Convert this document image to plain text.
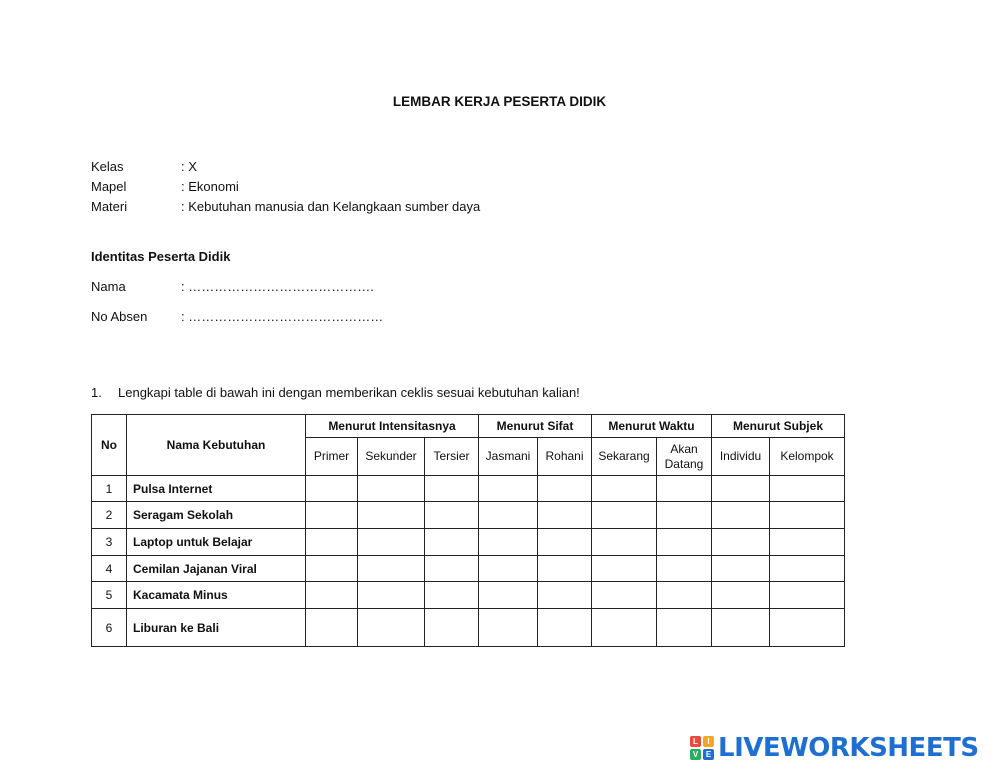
LEMBAR KERJA PESERTA DIDIK
Kelas	: X
Mapel	: Ekonomi
Materi	: Kebutuhan manusia dan Kelangkaan sumber daya
Identitas Peserta Didik
Nama	: …………………………………….
No Absen	: ………………………………………
1. Lengkapi table di bawah ini dengan memberikan ceklis sesuai kebutuhan kalian!
No	Nama Kebutuhan	Menurut Intensitasnya			Menurut Sifat		Menurut Waktu		Menurut Subjek	
		Primer	Sekunder	Tersier	Jasmani	Rohani	Sekarang	Akan Datang	Individu	Kelompok
1	Pulsa Internet									
2	Seragam Sekolah									
3	Laptop untuk Belajar									
4	Cemilan Jajanan Viral									
5	Kacamata Minus									
6	Liburan ke Bali									
L	I
V E LIVEWORKSHEETS
